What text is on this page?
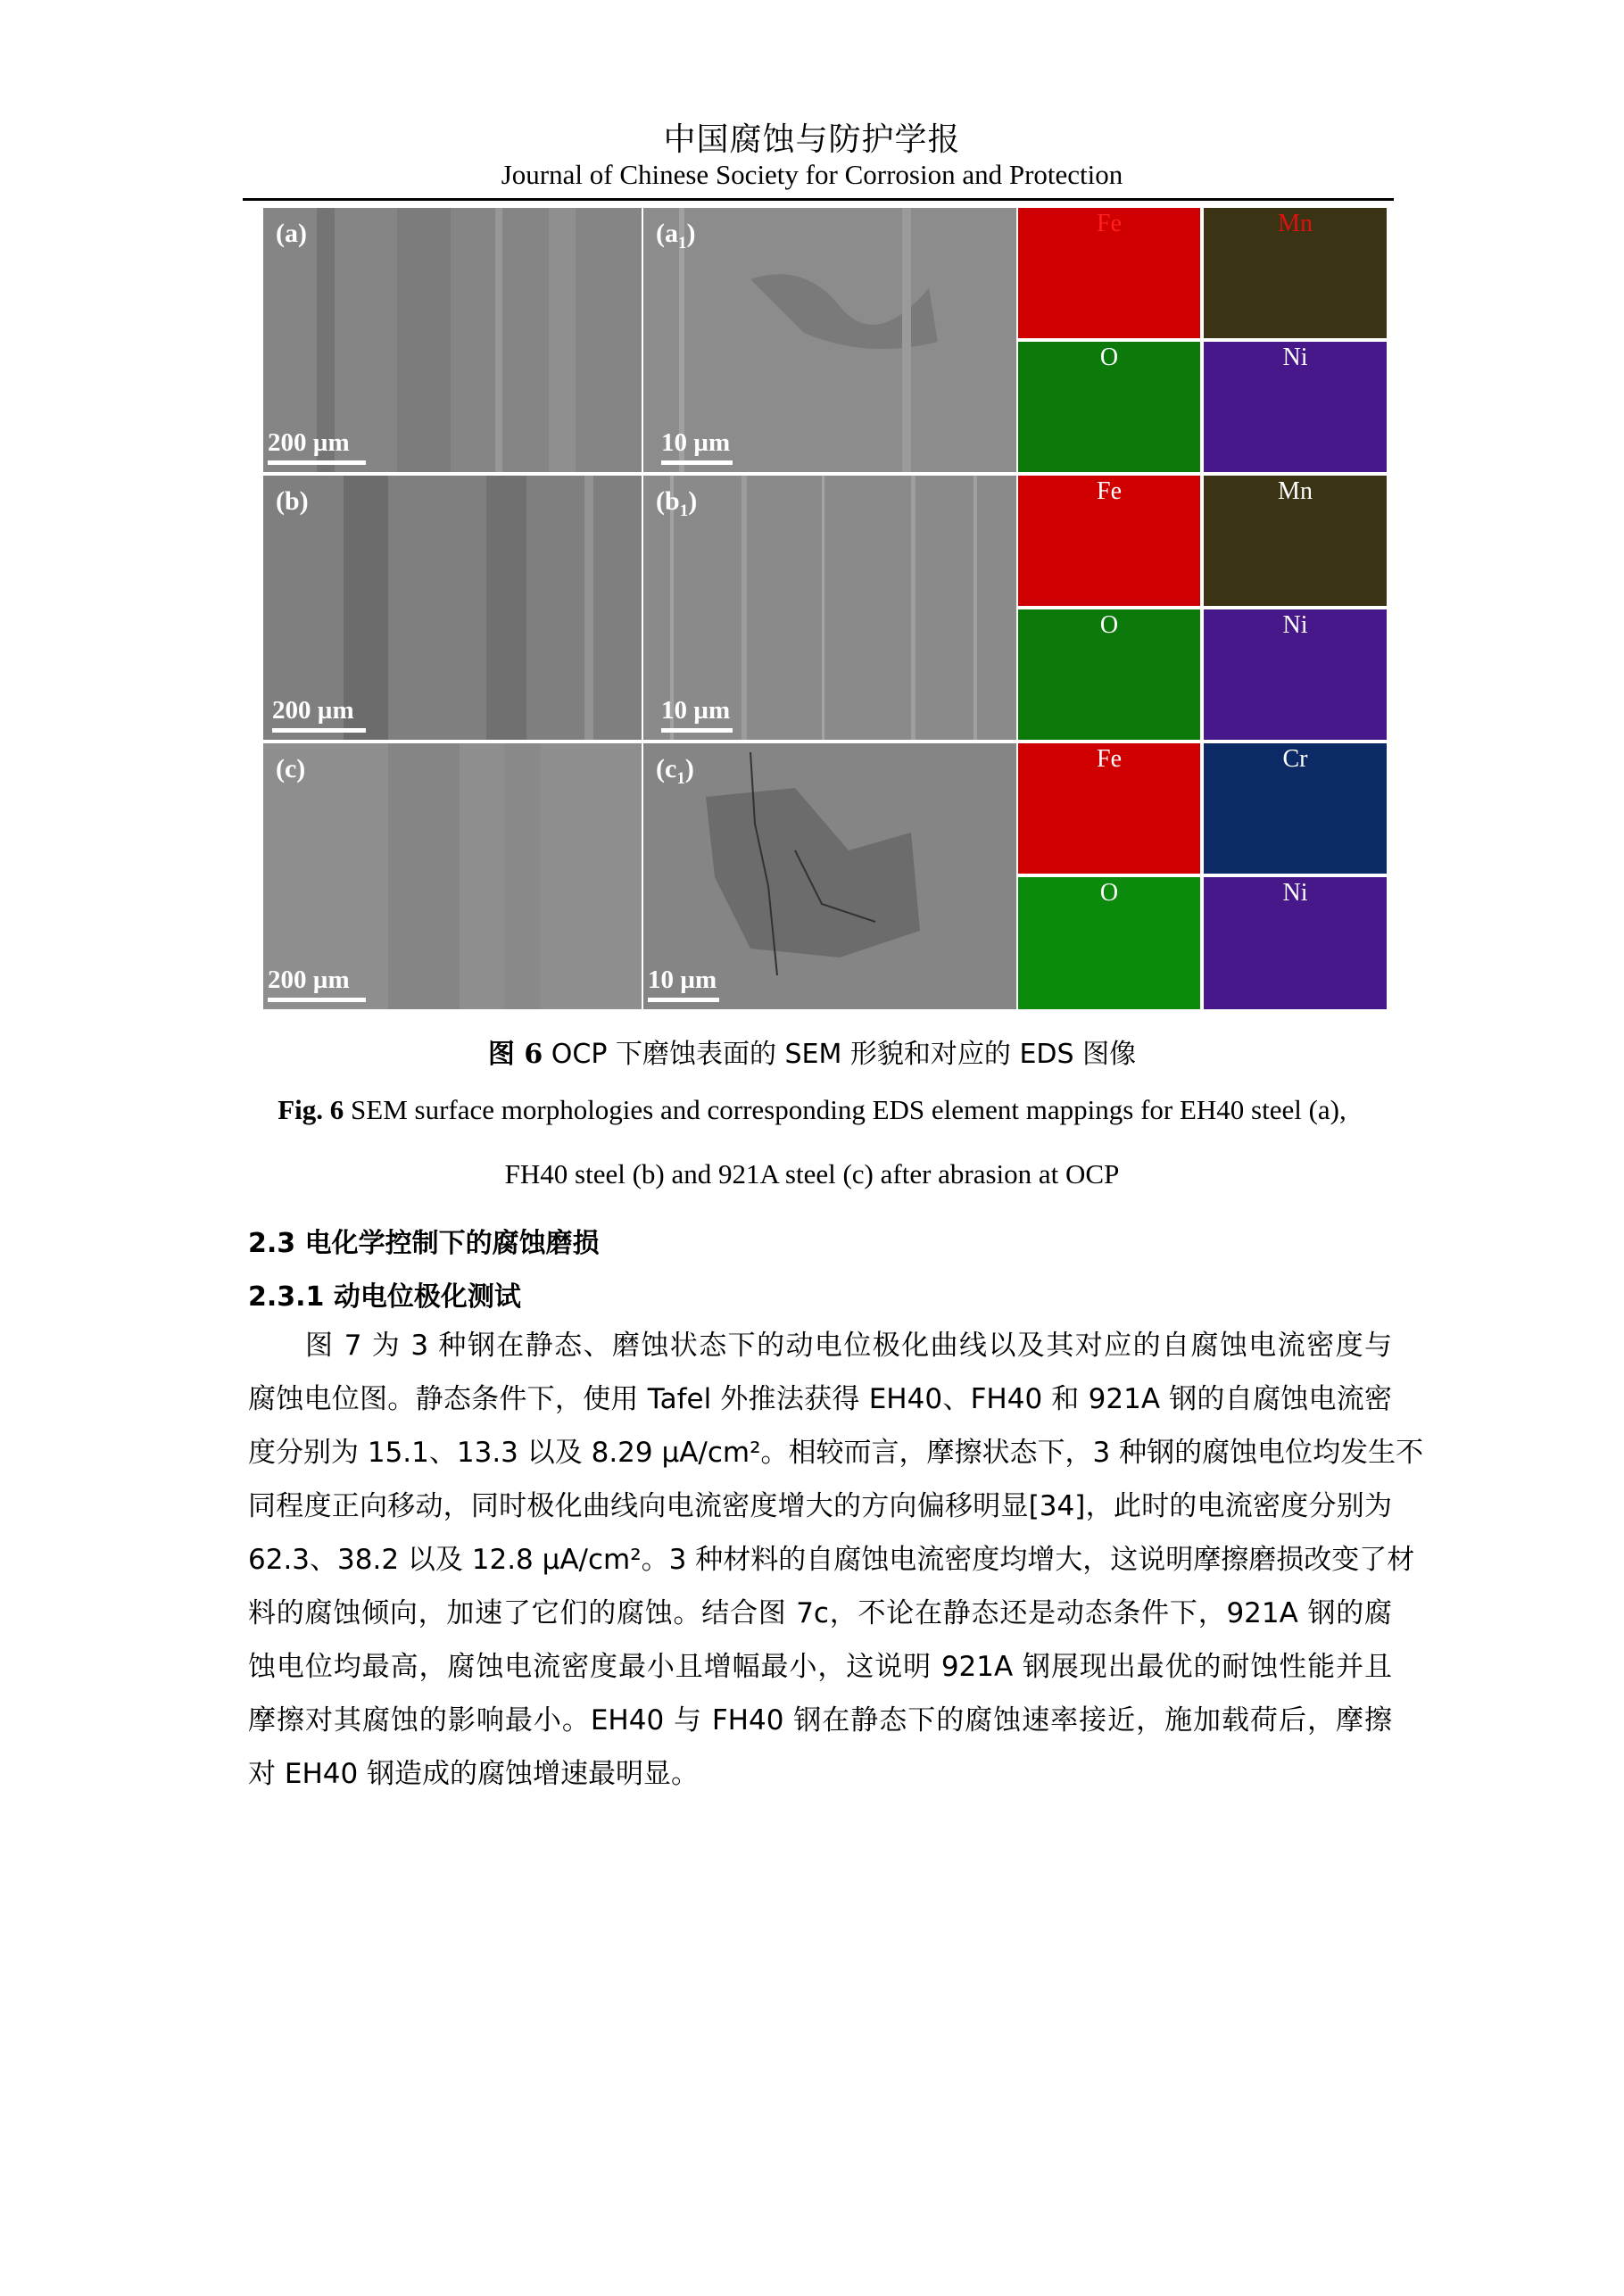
中国腐蚀与防护学报
Journal of Chinese Society for Corrosion and Protection
(a)
200 µm
$(a_1)$
10 µm
Fe	Mn
O	Ni
(b)
200 µm
$(b_1)$
10 µm
Fe	Mn
O	Ni
(c)
200 µm
$(c_1)$
10 µm
Fe	Cr
O	Ni
图 6 OCP 下磨蚀表面的 SEM 形貌和对应的 EDS 图像
Fig. 6 SEM surface morphologies and corresponding EDS element mappings for EH40 steel (a),
FH40 steel (b) and 921A steel (c) after abrasion at OCP
2.3 电化学控制下的腐蚀磨损
2.3.1 动电位极化测试
图 7 为 3 种钢在静态、磨蚀状态下的动电位极化曲线以及其对应的自腐蚀电流密度与
腐蚀电位图。静态条件下，使用 Tafel 外推法获得 EH40、FH40 和 921A 钢的自腐蚀电流密
度分别为 15.1、13.3 以及 8.29 µA/cm²。相较而言，摩擦状态下，3 种钢的腐蚀电位均发生不
同程度正向移动，同时极化曲线向电流密度增大的方向偏移明显[34]，此时的电流密度分别为
62.3、38.2 以及 12.8 µA/cm²。3 种材料的自腐蚀电流密度均增大，这说明摩擦磨损改变了材
料的腐蚀倾向，加速了它们的腐蚀。结合图 7c，不论在静态还是动态条件下，921A 钢的腐
蚀电位均最高，腐蚀电流密度最小且增幅最小，这说明 921A 钢展现出最优的耐蚀性能并且
摩擦对其腐蚀的影响最小。EH40 与 FH40 钢在静态下的腐蚀速率接近，施加载荷后，摩擦
对 EH40 钢造成的腐蚀增速最明显。
